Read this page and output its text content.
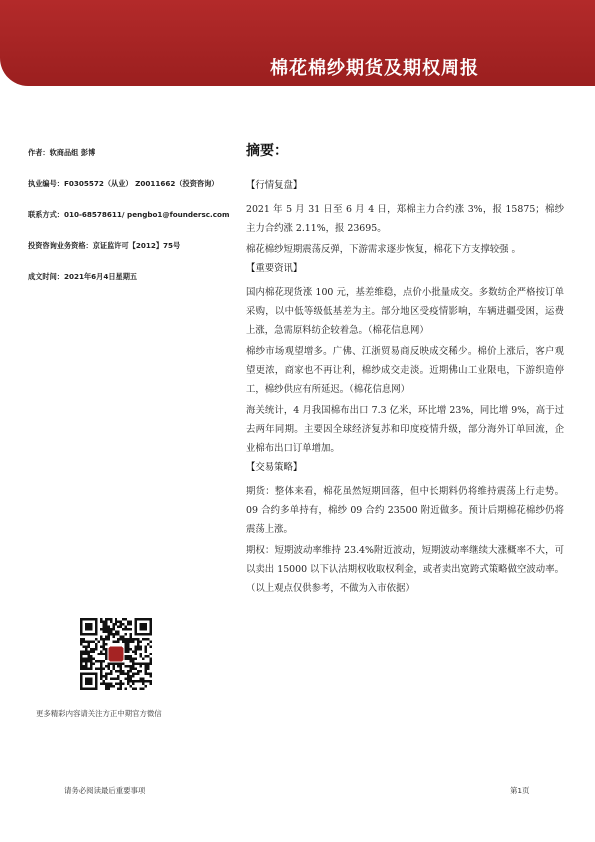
棉花棉纱期货及期权周报
作者：软商品组 彭博
执业编号：F0305572（从业） Z0011662（投资咨询）
联系方式：010-68578611/ pengbo1@foundersc.com
投资咨询业务资格：京证监许可【2012】75号
成文时间：2021年6月4日星期五
更多精彩内容请关注方正中期官方微信
摘要：
【行情复盘】

2021 年 5 月 31 日至 6 月 4 日，郑棉主力合约涨 3%，报 15875；棉纱主力合约涨 2.11%，报 23695。

棉花棉纱短期震荡反弹，下游需求逐步恢复，棉花下方支撑较强 。

【重要资讯】

国内棉花现货涨 100 元，基差维稳，点价小批量成交。多数纺企严格按订单采购，以中低等级低基差为主。部分地区受疫情影响，车辆进疆受困，运费上涨，急需原料纺企较着急。（棉花信息网）

棉纱市场观望增多。广佛、江浙贸易商反映成交稀少。棉价上涨后，客户观望更浓，商家也不再让利，棉纱成交走淡。近期佛山工业限电，下游织造停工，棉纱供应有所延迟。（棉花信息网）

海关统计，4 月我国棉布出口 7.3 亿米，环比增 23%，同比增 9%，高于过去两年同期。主要因全球经济复苏和印度疫情升级，部分海外订单回流，企业棉布出口订单增加。

【交易策略】

期货：整体来看，棉花虽然短期回落，但中长期料仍将维持震荡上行走势。09 合约多单持有，棉纱 09 合约 23500 附近做多。预计后期棉花棉纱仍将震荡上涨。

期权：短期波动率维持 23.4%附近波动，短期波动率继续大涨概率不大，可以卖出 15000 以下认沽期权收取权利金，或者卖出宽跨式策略做空波动率。（以上观点仅供参考，不做为入市依据）

请务必阅读最后重要事项	第1页
